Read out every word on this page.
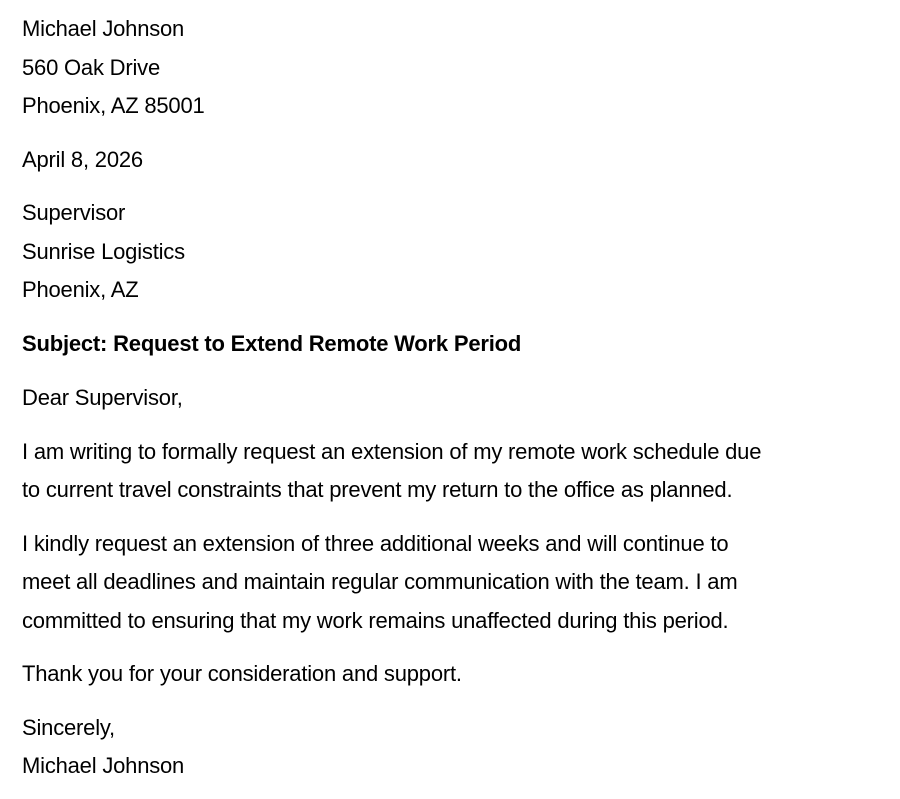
Michael Johnson
560 Oak Drive
Phoenix, AZ 85001
April 8, 2026
Supervisor
Sunrise Logistics
Phoenix, AZ
Subject: Request to Extend Remote Work Period
Dear Supervisor,
I am writing to formally request an extension of my remote work schedule due
to current travel constraints that prevent my return to the office as planned.
I kindly request an extension of three additional weeks and will continue to
meet all deadlines and maintain regular communication with the team. I am
committed to ensuring that my work remains unaffected during this period.
Thank you for your consideration and support.
Sincerely,
Michael Johnson
